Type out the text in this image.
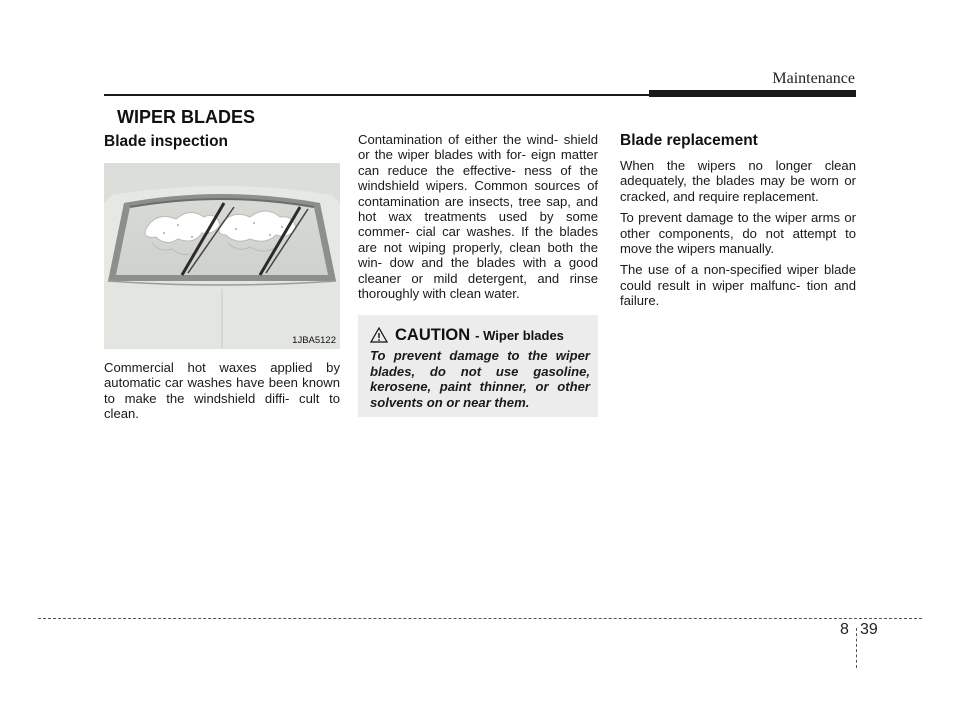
Maintenance
WIPER BLADES
Blade inspection
1JBA5122

Commercial hot waxes applied by automatic car washes have been known to make the windshield diffi- cult to clean.

Contamination of either the wind- shield or the wiper blades with for- eign matter can reduce the effective- ness of the windshield wipers. Common sources of contamination are insects, tree sap, and hot wax treatments used by some commer- cial car washes. If the blades are not wiping properly, clean both the win- dow and the blades with a good cleaner or mild detergent, and rinse thoroughly with clean water.

CAUTION - Wiper blades
To prevent damage to the wiper blades, do not use gasoline, kerosene, paint thinner, or other solvents on or near them.
Blade replacement

When the wipers no longer clean adequately, the blades may be worn or cracked, and require replacement.

To prevent damage to the wiper arms or other components, do not attempt to move the wipers manually.

The use of a non-specified wiper blade could result in wiper malfunc- tion and failure.

8 39
